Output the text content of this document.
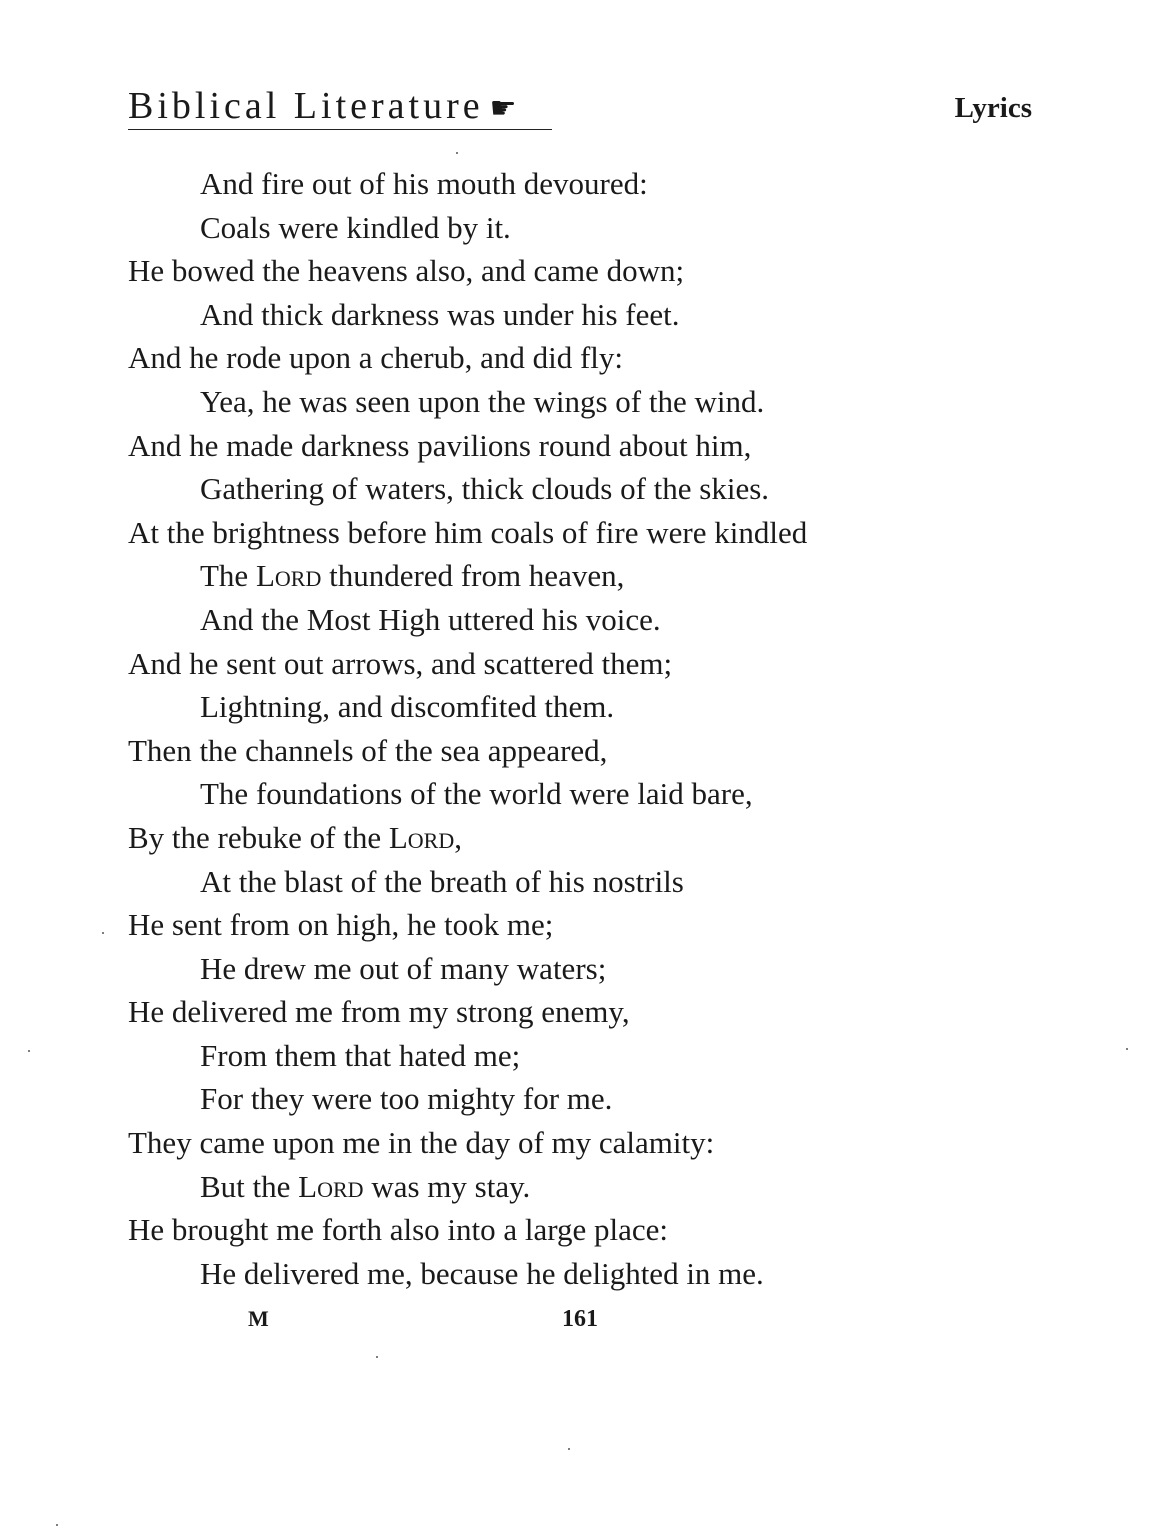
Biblical Literature ☛	Lyrics
And fire out of his mouth devoured:
Coals were kindled by it.
He bowed the heavens also, and came down;
And thick darkness was under his feet.
And he rode upon a cherub, and did fly:
Yea, he was seen upon the wings of the wind.
And he made darkness pavilions round about him,
Gathering of waters, thick clouds of the skies.
At the brightness before him coals of fire were kindled
The Lord thundered from heaven,
And the Most High uttered his voice.
And he sent out arrows, and scattered them;
Lightning, and discomfited them.
Then the channels of the sea appeared,
The foundations of the world were laid bare,
By the rebuke of the Lord,
At the blast of the breath of his nostrils
He sent from on high, he took me;
He drew me out of many waters;
He delivered me from my strong enemy,
From them that hated me;
For they were too mighty for me.
They came upon me in the day of my calamity:
But the Lord was my stay.
He brought me forth also into a large place:
He delivered me, because he delighted in me.
M	161
